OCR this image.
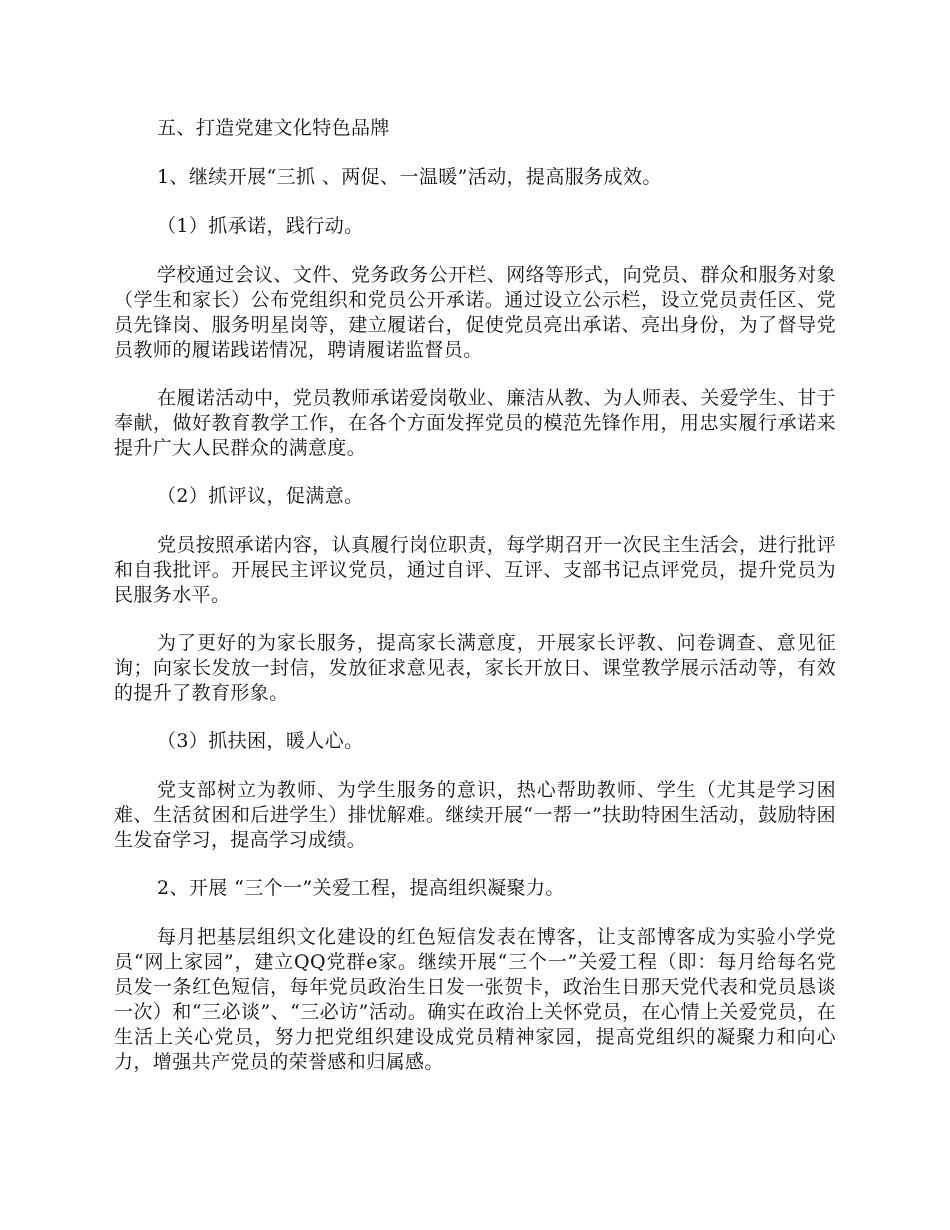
五、打造党建文化特色品牌

1、继续开展“三抓 、两促、一温暖”活动，提高服务成效。

（1）抓承诺，践行动。

学校通过会议、文件、党务政务公开栏、网络等形式，向党员、群众和服务对象（学生和家长）公布党组织和党员公开承诺。通过设立公示栏，设立党员责任区、党员先锋岗、服务明星岗等，建立履诺台，促使党员亮出承诺、亮出身份，为了督导党员教师的履诺践诺情况，聘请履诺监督员。

在履诺活动中，党员教师承诺爱岗敬业、廉洁从教、为人师表、关爱学生、甘于奉献，做好教育教学工作，在各个方面发挥党员的模范先锋作用，用忠实履行承诺来提升广大人民群众的满意度。

（2）抓评议，促满意。

党员按照承诺内容，认真履行岗位职责，每学期召开一次民主生活会，进行批评和自我批评。开展民主评议党员，通过自评、互评、支部书记点评党员，提升党员为民服务水平。

为了更好的为家长服务，提高家长满意度，开展家长评教、问卷调查、意见征询；向家长发放一封信，发放征求意见表，家长开放日、课堂教学展示活动等，有效的提升了教育形象。

（3）抓扶困，暖人心。

党支部树立为教师、为学生服务的意识，热心帮助教师、学生（尤其是学习困难、生活贫困和后进学生）排忧解难。继续开展“一帮一”扶助特困生活动，鼓励特困生发奋学习，提高学习成绩。

2、开展 “三个一”关爱工程，提高组织凝聚力。

每月把基层组织文化建设的红色短信发表在博客，让支部博客成为实验小学党员“网上家园”，建立QQ党群e家。继续开展“三个一”关爱工程（即：每月给每名党员发一条红色短信，每年党员政治生日发一张贺卡，政治生日那天党代表和党员恳谈一次）和“三必谈”、“三必访”活动。确实在政治上关怀党员，在心情上关爱党员，在生活上关心党员，努力把党组织建设成党员精神家园，提高党组织的凝聚力和向心力，增强共产党员的荣誉感和归属感。
